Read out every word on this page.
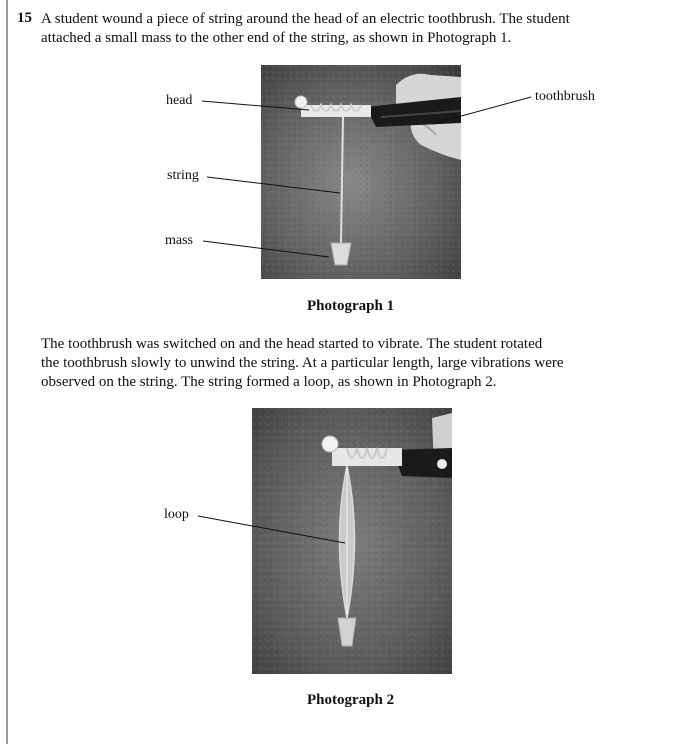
15 A student wound a piece of string around the head of an electric toothbrush. The student
attached a small mass to the other end of the string, as shown in Photograph 1.
head
string
mass
toothbrush
Photograph 1
The toothbrush was switched on and the head started to vibrate. The student rotated
the toothbrush slowly to unwind the string. At a particular length, large vibrations were
observed on the string. The string formed a loop, as shown in Photograph 2.
loop
Photograph 2
